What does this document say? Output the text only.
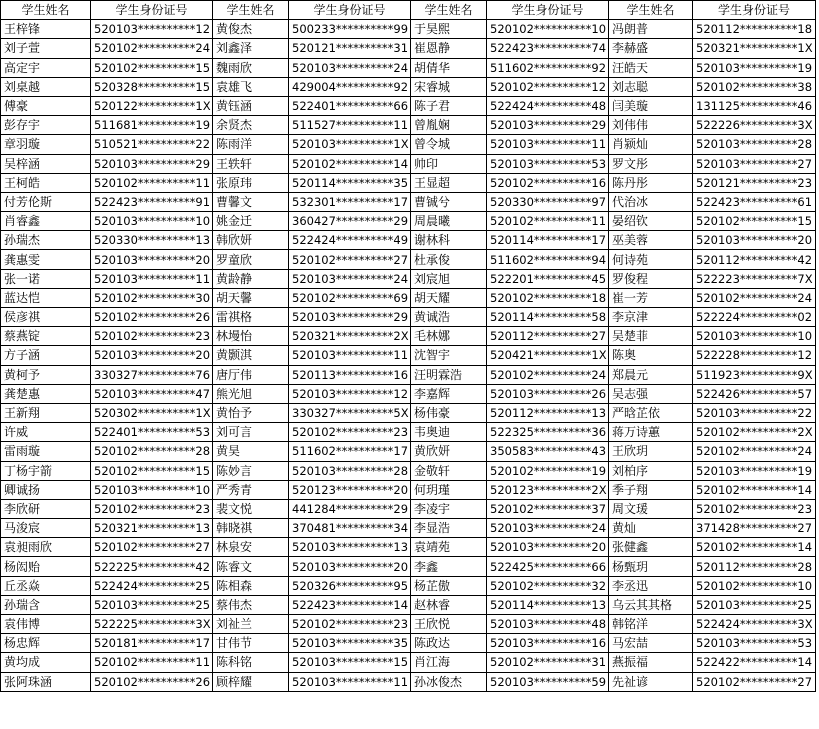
学生姓名	学生身份证号	学生姓名	学生身份证号	学生姓名	学生身份证号	学生姓名	学生身份证号
王梓锋	520103**********12	黄俊杰	500233**********99	于昊熙	520102**********10	冯朗普	520112**********18
刘子萱	520102**********24	刘鑫泽	520121**********31	崔恩静	522423**********74	李赫盛	520321**********1X
高定宇	520102**********15	魏雨欣	520103**********24	胡倩华	511602**********92	汪皓天	520103**********19
刘桌越	520328**********15	袁雄飞	429004**********92	宋睿城	520102**********12	刘志聪	520102**********38
傅豪	520122**********1X	黄钰涵	522401**********66	陈子君	522424**********48	闫美璇	131125**********46
彭存宇	511681**********19	余贤杰	511527**********11	曾胤娴	520103**********29	刘伟伟	522226**********3X
章羽璇	510521**********22	陈雨洋	520103**********1X	曾令城	520103**********11	肖颍灿	520103**********28
吴梓涵	520103**********29	王轶轩	520102**********14	帅印	520103**********53	罗文彤	520103**********27
王柯皓	520102**********11	张原玮	520114**********35	王显超	520102**********16	陈丹彤	520121**********23
付芳伦斯	522423**********91	曹馨文	532301**********17	曹铖兮	520330**********97	代治冰	522423**********61
肖睿鑫	520103**********10	姚金迁	360427**********29	周晨曦	520102**********11	晏绍钦	520102**********15
孙瑞杰	520330**********13	韩欣妍	522424**********49	谢林科	520114**********17	巫美蓉	520103**********20
龚惠雯	520103**********20	罗童欣	520102**********27	杜承俊	511602**********94	何诗苑	520112**********42
张一诺	520103**********11	黄龄静	520103**********24	刘宸旭	522201**********45	罗俊程	522223**********7X
蓝达恺	520102**********30	胡天馨	520102**********69	胡天耀	520102**********18	崔一芳	520102**********24
侯彦祺	520102**********26	雷祺格	520103**********29	黄诚浩	520114**********58	李京津	522224**********02
蔡燕锭	520102**********23	林墁怡	520321**********2X	毛林娜	520112**********27	吴楚菲	520103**********10
方子涵	520103**********20	黄颢淇	520103**********11	沈智宇	520421**********1X	陈奥	522228**********12
黄柯予	330327**********76	唐厅伟	520113**********16	汪明霖浩	520102**********24	郑晨元	511923**********9X
龚楚惠	520103**********47	熊光旭	520103**********12	李嘉辉	520103**********26	吴志强	522426**********57
王新翔	520302**********1X	黄怡予	330327**********5X	杨伟豪	520112**********13	严晗芷依	520103**********22
许威	522401**********53	刘可言	520102**********23	韦奥迪	522325**********36	蒋万诗蕙	520102**********2X
雷雨璇	520102**********28	黄昊	511602**********17	黄欣妍	350583**********43	王欣玥	520102**********24
丁杨宇箭	520102**********15	陈妙言	520103**********28	金敬轩	520102**********19	刘柏序	520103**********19
卿诚扬	520103**********10	严秀青	520123**********20	何玥瑾	520123**********2X	季子翔	520102**********14
李欣研	520102**********23	裴文悦	441284**********29	李凌宇	520102**********37	周文瑗	520102**********23
马浚宸	520321**********13	韩晓祺	370481**********34	李显浩	520103**********24	黄灿	371428**********27
袁昶雨欣	520102**********27	林泉安	520103**********13	袁靖苑	520103**********20	张健鑫	520102**********14
杨闳贻	522225**********42	陈睿文	520103**********20	李鑫	522425**********66	杨甄玥	520112**********28
丘丞焱	522424**********25	陈相森	520326**********95	杨芷傲	520102**********32	李丞迅	520102**********10
孙瑞含	520103**********25	蔡伟杰	522423**********14	赵林睿	520114**********13	乌云其其格	520103**********25
袁伟博	522225**********3X	刘祉兰	520102**********23	王欣悦	520103**********48	韩铭洋	522424**********3X
杨忠辉	520181**********17	甘伟节	520103**********35	陈政达	520103**********16	马宏喆	520103**********53
黄均成	520102**********11	陈科铭	520103**********15	肖江海	520102**********31	燕振福	522422**********14
张阿珠涵	520102**********26	顾梓耀	520103**********11	孙冰俊杰	520103**********59	先祉谚	520102**********27
